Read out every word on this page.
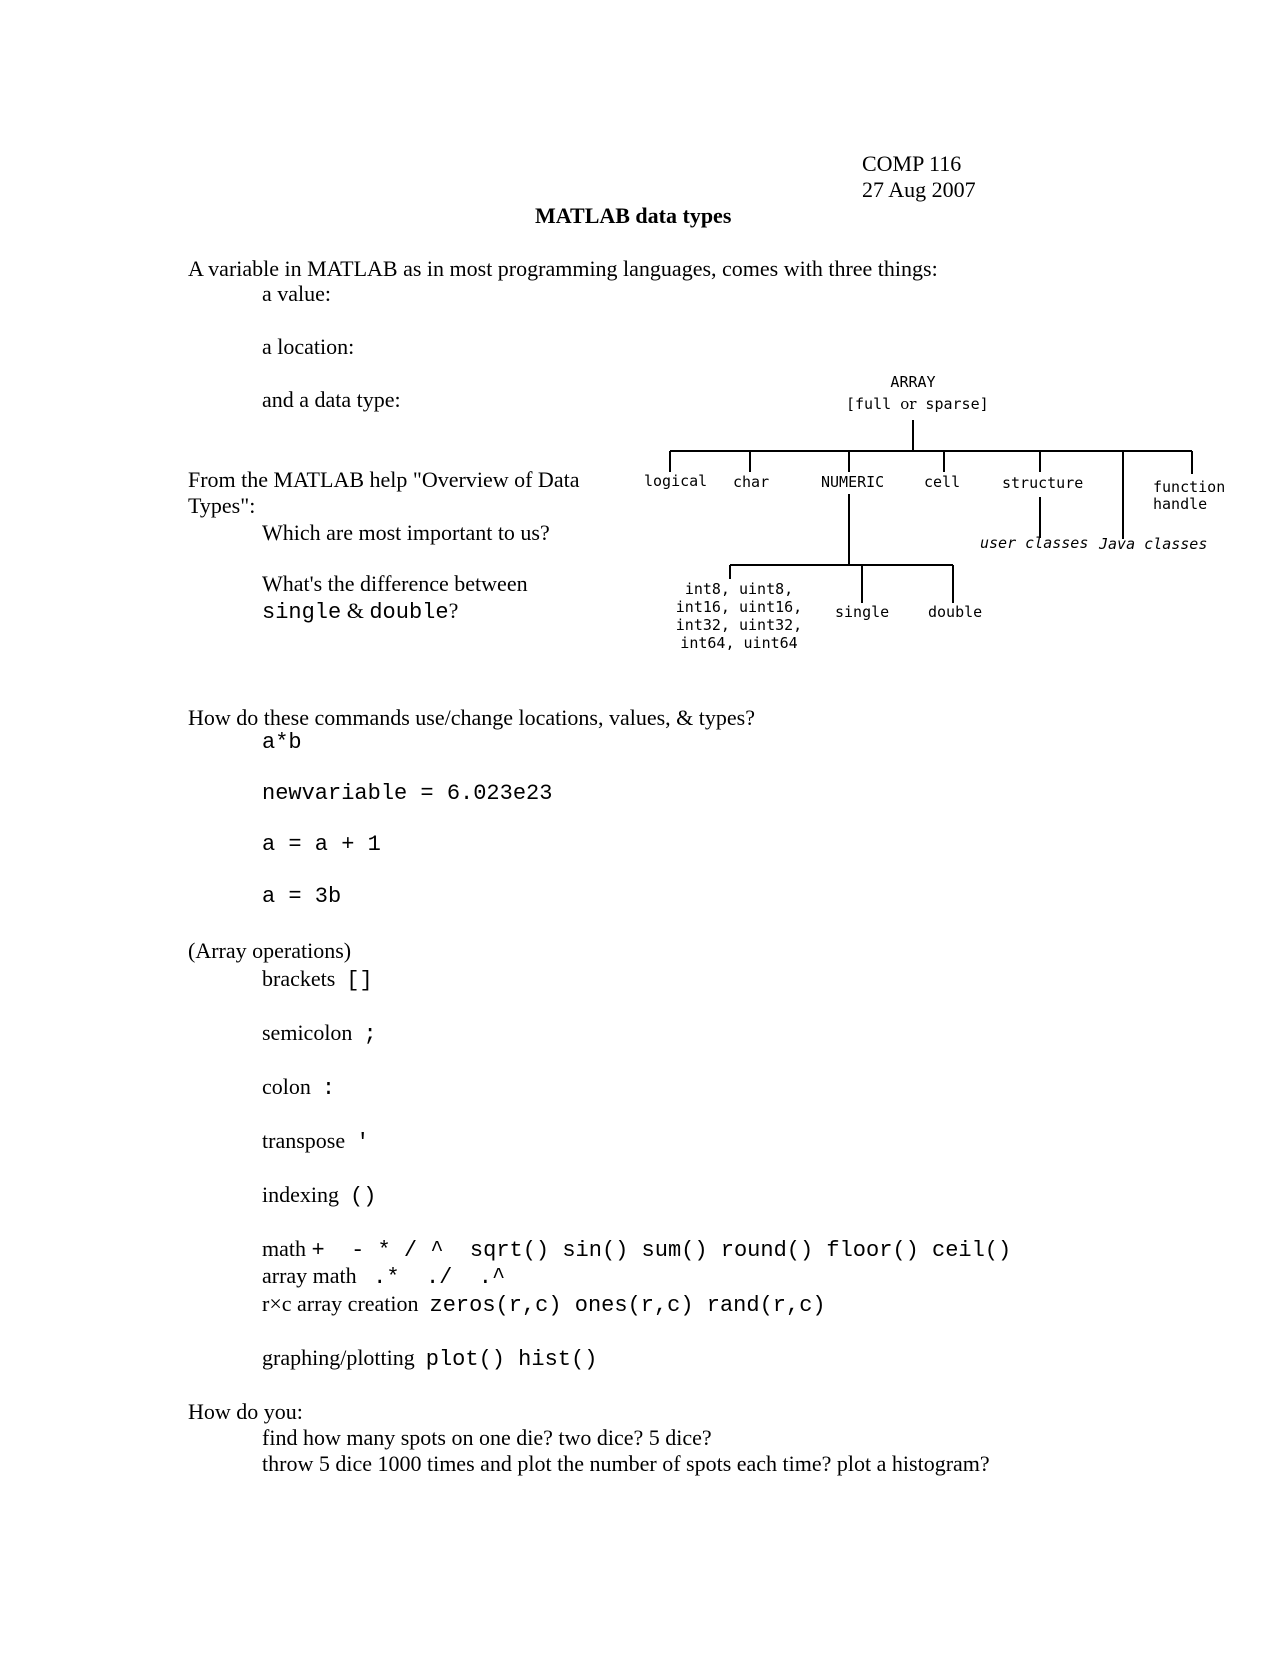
COMP 116
27 Aug 2007
MATLAB data types
A variable in MATLAB as in most programming languages, comes with three things:
a value:
a location:
and a data type:
From the MATLAB help "Overview of Data
Types":
Which are most important to us?
What's the difference between
single & double?
ARRAY
[full or sparse]
logical char	NUMERIC	cell	structure	function
handle
user classes Java classes
int8, uint8,
int16, uint16,
int32, uint32,
int64, uint64
single	double
How do these commands use/change locations, values, & types?
a*b
newvariable = 6.023e23
a = a + 1
a = 3b
(Array operations)
brackets []
semicolon ;
colon :
transpose '
indexing ()
math +  - * / ^  sqrt() sin() sum() round() floor() ceil()
array math .*  ./  .^
r×c array creation zeros(r,c) ones(r,c) rand(r,c)
graphing/plotting plot() hist()
How do you:
find how many spots on one die? two dice? 5 dice?
throw 5 dice 1000 times and plot the number of spots each time? plot a histogram?
